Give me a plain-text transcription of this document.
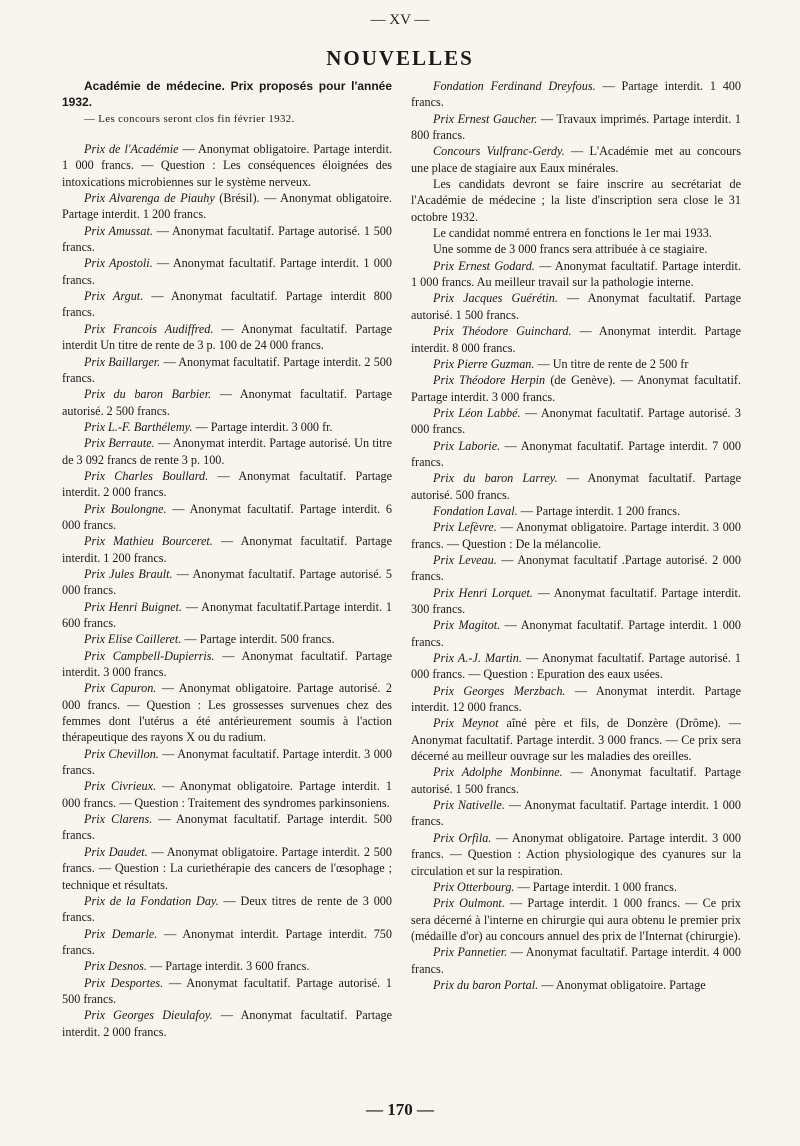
— XV —
NOUVELLES

Académie de médecine. Prix proposés pour l'année 1932.

— Les concours seront clos fin février 1932.

Prix de l'Académie — Anonymat obligatoire. Partage interdit. 1 000 francs. — Question : Les conséquences éloignées des intoxications microbiennes sur le système nerveux.

Prix Alvarenga de Piauhy (Brésil). — Anonymat obligatoire. Partage interdit. 1 200 francs.

Prix Amussat. — Anonymat facultatif. Partage autorisé. 1 500 francs.

Prix Apostoli. — Anonymat facultatif. Partage interdit. 1 000 francs.

Prix Argut. — Anonymat facultatif. Partage interdit 800 francs.

Prix Francois Audiffred. — Anonymat facultatif. Partage interdit Un titre de rente de 3 p. 100 de 24 000 francs.

Prix Baillarger. — Anonymat facultatif. Partage interdit. 2 500 francs.

Prix du baron Barbier. — Anonymat facultatif. Partage autorisé. 2 500 francs.

Prix L.-F. Barthélemy. — Partage interdit. 3 000 fr.

Prix Berraute. — Anonymat interdit. Partage autorisé. Un titre de 3 092 francs de rente 3 p. 100.

Prix Charles Boullard. — Anonymat facultatif. Partage interdit. 2 000 francs.

Prix Boulongne. — Anonymat facultatif. Partage interdit. 6 000 francs.

Prix Mathieu Bourceret. — Anonymat facultatif. Partage interdit. 1 200 francs.

Prix Jules Brault. — Anonymat facultatif. Partage autorisé. 5 000 francs.

Prix Henri Buignet. — Anonymat facultatif.Partage interdit. 1 600 francs.

Prix Elise Cailleret. — Partage interdit. 500 francs.

Prix Campbell-Dupierris. — Anonymat facultatif. Partage interdit. 3 000 francs.

Prix Capuron. — Anonymat obligatoire. Partage autorisé. 2 000 francs. — Question : Les grossesses survenues chez des femmes dont l'utérus a été antérieurement soumis à l'action thérapeutique des rayons X ou du radium.

Prix Chevillon. — Anonymat facultatif. Partage interdit. 3 000 francs.

Prix Civrieux. — Anonymat obligatoire. Partage interdit. 1 000 francs. — Question : Traitement des syndromes parkinsoniens.

Prix Clarens. — Anonymat facultatif. Partage interdit. 500 francs.

Prix Daudet. — Anonymat obligatoire. Partage interdit. 2 500 francs. — Question : La curiethérapie des cancers de l'œsophage ; technique et résultats.

Prix de la Fondation Day. — Deux titres de rente de 3 000 francs.

Prix Demarle. — Anonymat interdit. Partage interdit. 750 francs.

Prix Desnos. — Partage interdit. 3 600 francs.

Prix Desportes. — Anonymat facultatif. Partage autorisé. 1 500 francs.

Prix Georges Dieulafoy. — Anonymat facultatif. Partage interdit. 2 000 francs.

Fondation Ferdinand Dreyfous. — Partage interdit. 1 400 francs.

Prix Ernest Gaucher. — Travaux imprimés. Partage interdit. 1 800 francs.

Concours Vulfranc-Gerdy. — L'Académie met au concours une place de stagiaire aux Eaux minérales.

Les candidats devront se faire inscrire au secrétariat de l'Académie de médecine ; la liste d'inscription sera close le 31 octobre 1932.

Le candidat nommé entrera en fonctions le 1er mai 1933.

Une somme de 3 000 francs sera attribuée à ce stagiaire.

Prix Ernest Godard. — Anonymat facultatif. Partage interdit. 1 000 francs. Au meilleur travail sur la pathologie interne.

Prix Jacques Guérétin. — Anonymat facultatif. Partage autorisé. 1 500 francs.

Prix Théodore Guinchard. — Anonymat interdit. Partage interdit. 8 000 francs.

Prix Pierre Guzman. — Un titre de rente de 2 500 fr

Prix Théodore Herpin (de Genève). — Anonymat facultatif. Partage interdit. 3 000 francs.

Prix Léon Labbé. — Anonymat facultatif. Partage autorisé. 3 000 francs.

Prix Laborie. — Anonymat facultatif. Partage interdit. 7 000 francs.

Prix du baron Larrey. — Anonymat facultatif. Partage autorisé. 500 francs.

Fondation Laval. — Partage interdit. 1 200 francs.

Prix Lefèvre. — Anonymat obligatoire. Partage interdit. 3 000 francs. — Question : De la mélancolie.

Prix Leveau. — Anonymat facultatif .Partage autorisé. 2 000 francs.

Prix Henri Lorquet. — Anonymat facultatif. Partage interdit. 300 francs.

Prix Magitot. — Anonymat facultatif. Partage interdit. 1 000 francs.

Prix A.-J. Martin. — Anonymat facultatif. Partage autorisé. 1 000 francs. — Question : Epuration des eaux usées.

Prix Georges Merzbach. — Anonymat interdit. Partage interdit. 12 000 francs.

Prix Meynot aîné père et fils, de Donzère (Drôme). — Anonymat facultatif. Partage interdit. 3 000 francs. — Ce prix sera décerné au meilleur ouvrage sur les maladies des oreilles.

Prix Adolphe Monbinne. — Anonymat facultatif. Partage autorisé. 1 500 francs.

Prix Nativelle. — Anonymat facultatif. Partage interdit. 1 000 francs.

Prix Orfila. — Anonymat obligatoire. Partage interdit. 3 000 francs. — Question : Action physiologique des cyanures sur la circulation et sur la respiration.

Prix Otterbourg. — Partage interdit. 1 000 francs.

Prix Oulmont. — Partage interdit. 1 000 francs. — Ce prix sera décerné à l'interne en chirurgie qui aura obtenu le premier prix (médaille d'or) au concours annuel des prix de l'Internat (chirurgie).

Prix Pannetier. — Anonymat facultatif. Partage interdit. 4 000 francs.

Prix du baron Portal. — Anonymat obligatoire. Partage

— 170 —
